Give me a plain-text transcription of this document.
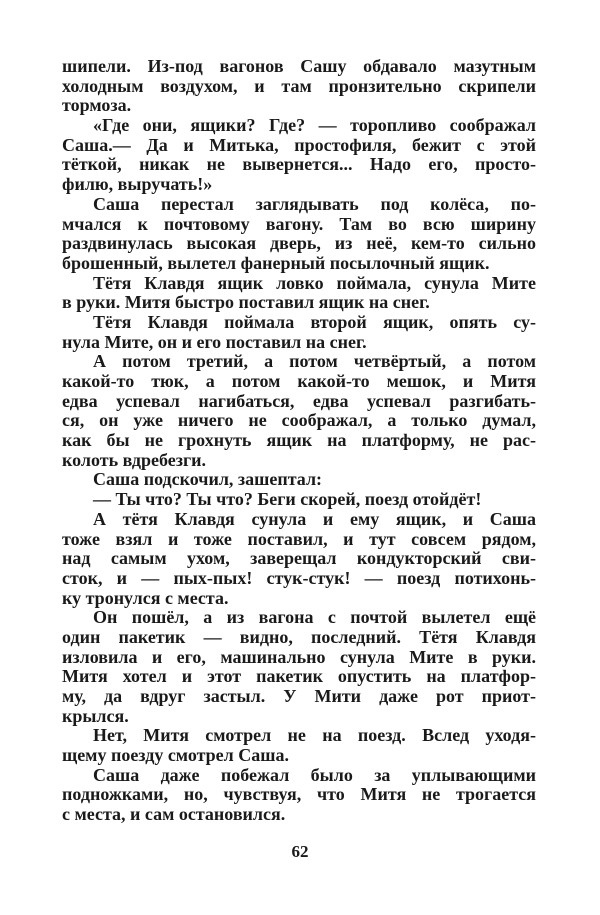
шипели. Из-под вагонов Сашу обдавало мазутным
холодным воздухом, и там пронзительно скрипели
тормоза.
«Где они, ящики? Где? — торопливо соображал
Саша.— Да и Митька, простофиля, бежит с этой
тёткой, никак не вывернется... Надо его, просто-
филю, выручать!»
Саша перестал заглядывать под колёса, по-
мчался к почтовому вагону. Там во всю ширину
раздвинулась высокая дверь, из неё, кем-то сильно
брошенный, вылетел фанерный посылочный ящик.
Тётя Клавдя ящик ловко поймала, сунула Мите
в руки. Митя быстро поставил ящик на снег.
Тётя Клавдя поймала второй ящик, опять су-
нула Мите, он и его поставил на снег.
А потом третий, а потом четвёртый, а потом
какой-то тюк, а потом какой-то мешок, и Митя
едва успевал нагибаться, едва успевал разгибать-
ся, он уже ничего не соображал, а только думал,
как бы не грохнуть ящик на платформу, не рас-
колоть вдребезги.
Саша подскочил, зашептал:
— Ты что? Ты что? Беги скорей, поезд отойдёт!
А тётя Клавдя сунула и ему ящик, и Саша
тоже взял и тоже поставил, и тут совсем рядом,
над самым ухом, заверещал кондукторский сви-
сток, и — пых-пых! стук-стук! — поезд потихонь-
ку тронулся с места.
Он пошёл, а из вагона с почтой вылетел ещё
один пакетик — видно, последний. Тётя Клавдя
изловила и его, машинально сунула Мите в руки.
Митя хотел и этот пакетик опустить на платфор-
му, да вдруг застыл. У Мити даже рот приот-
крылся.
Нет, Митя смотрел не на поезд. Вслед уходя-
щему поезду смотрел Саша.
Саша даже побежал было за уплывающими
подножками, но, чувствуя, что Митя не трогается
с места, и сам остановился.
62
